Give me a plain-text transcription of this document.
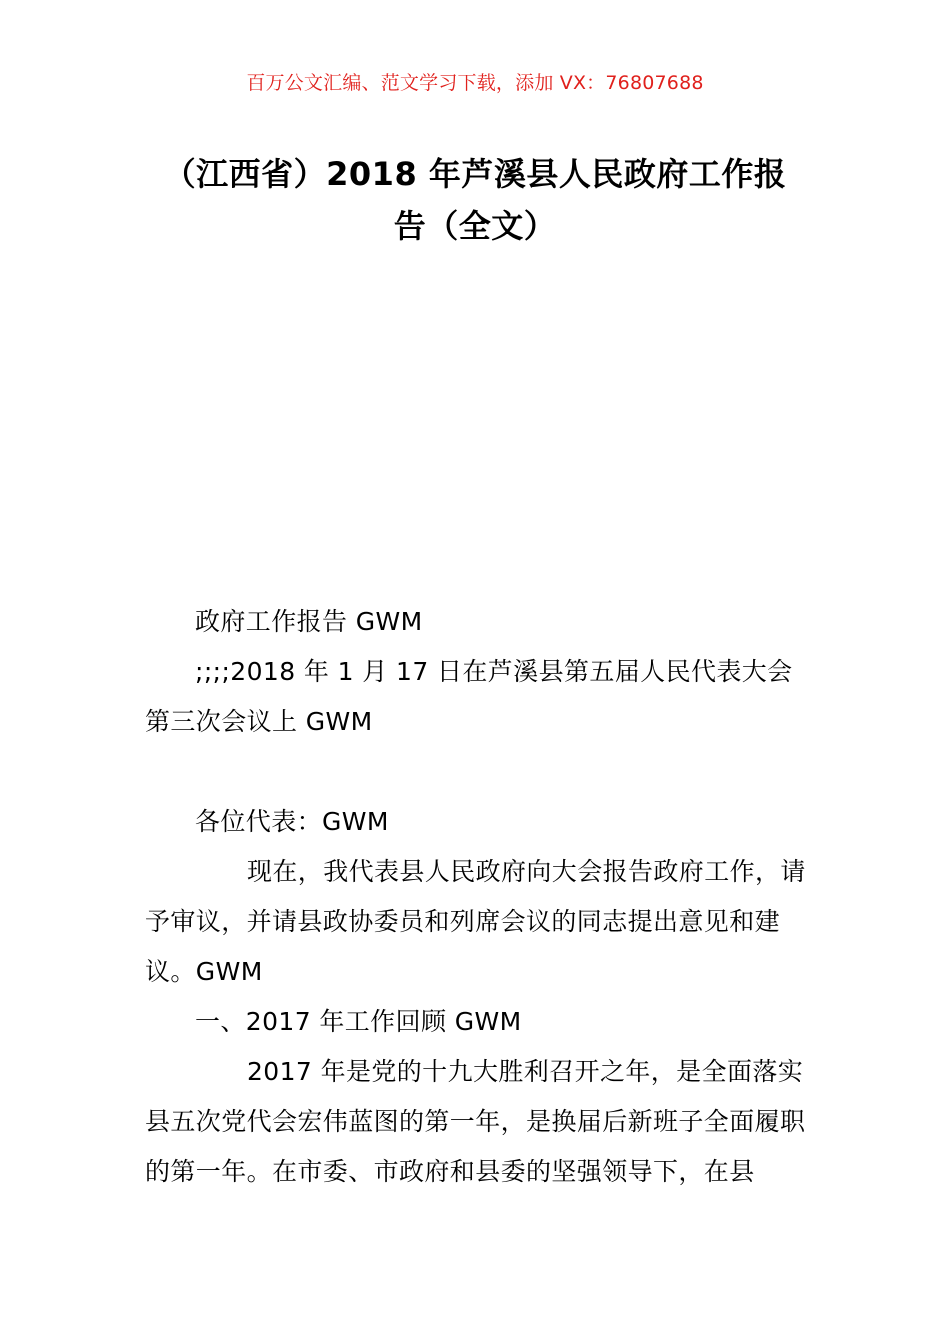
百万公文汇编、范文学习下载，添加 VX：76807688
（江西省）2018 年芦溪县人民政府工作报
告（全文）

政府工作报告 GWM

;;;;2018 年 1 月 17 日在芦溪县第五届人民代表大会第三次会议上 GWM

各位代表：GWM

现在，我代表县人民政府向大会报告政府工作，请予审议，并请县政协委员和列席会议的同志提出意见和建议。GWM

一、2017 年工作回顾 GWM

2017 年是党的十九大胜利召开之年，是全面落实县五次党代会宏伟蓝图的第一年，是换届后新班子全面履职的第一年。在市委、市政府和县委的坚强领导下，在县
